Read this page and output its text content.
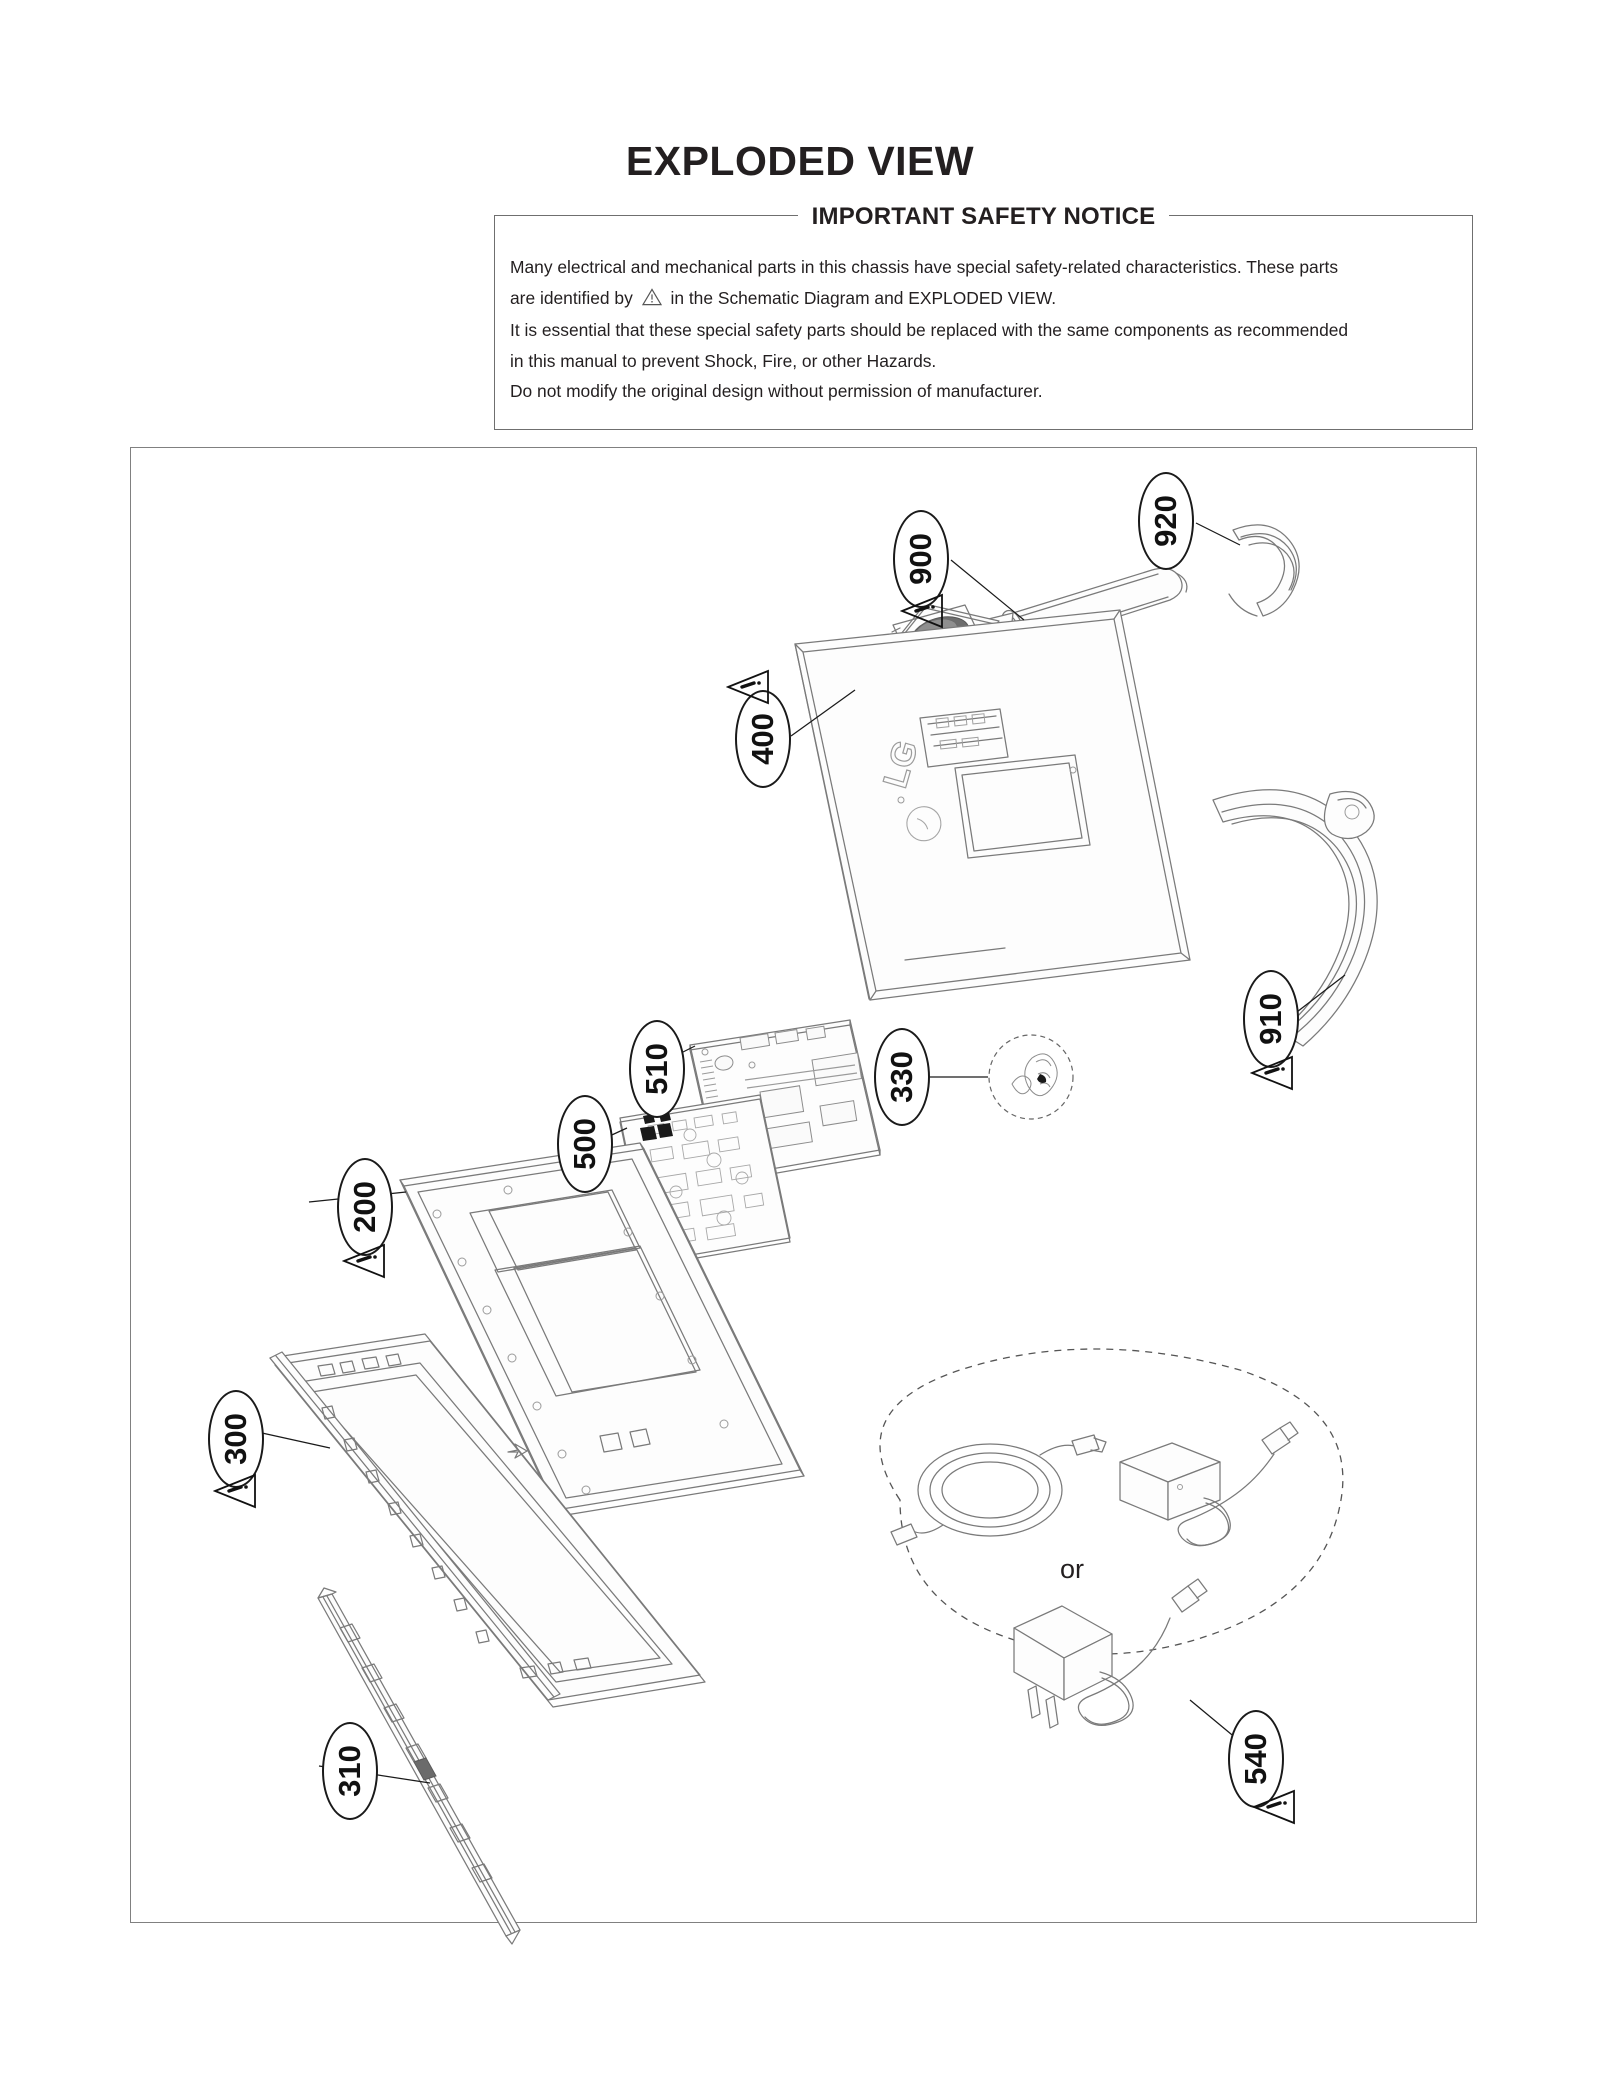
EXPLODED VIEW
IMPORTANT SAFETY NOTICE

Many electrical and mechanical parts in this chassis have special safety-related characteristics. These parts

are identified by in the Schematic Diagram and EXPLODED VIEW.

It is essential that these special safety parts should be replaced with the same components as recommended

in this manual to prevent Shock, Fire, or other Hazards.

Do not modify the original design without permission of manufacturer.

LG
920
900
400
910
510
500
330
200
300
310	540
or
